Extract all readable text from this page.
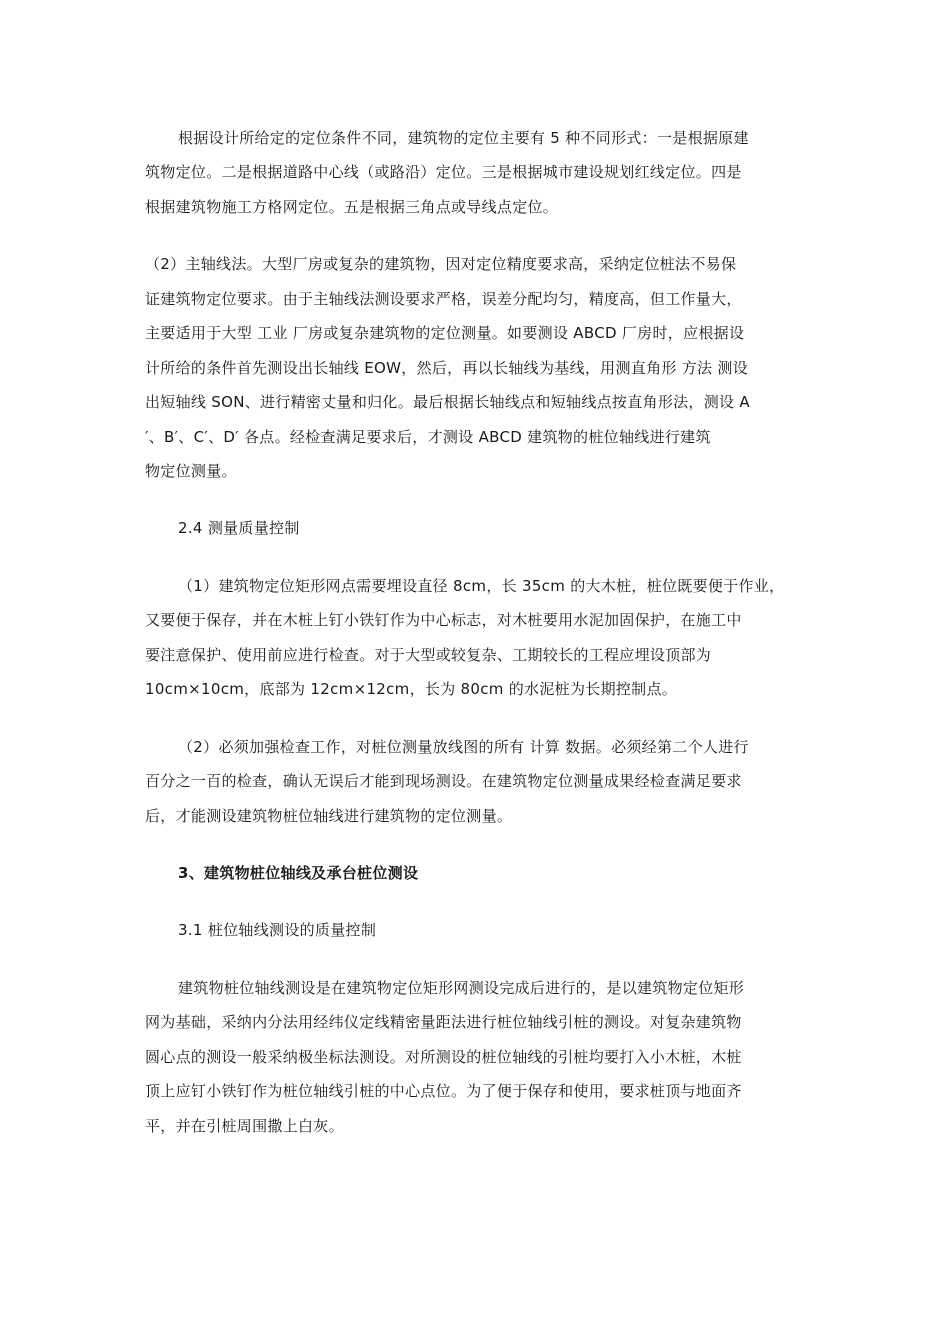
根据设计所给定的定位条件不同，建筑物的定位主要有 5 种不同形式：一是根据原建
筑物定位。二是根据道路中心线（或路沿）定位。三是根据城市建设规划红线定位。四是
根据建筑物施工方格网定位。五是根据三角点或导线点定位。
（2）主轴线法。大型厂房或复杂的建筑物，因对定位精度要求高，采纳定位桩法不易保
证建筑物定位要求。由于主轴线法测设要求严格，误差分配均匀，精度高，但工作量大，
主要适用于大型 工业 厂房或复杂建筑物的定位测量。如要测设 ABCD 厂房时，应根据设
计所给的条件首先测设出长轴线 EOW，然后，再以长轴线为基线，用测直角形 方法 测设
出短轴线 SON、进行精密丈量和归化。最后根据长轴线点和短轴线点按直角形法，测设 A
′、B′、C′、D′ 各点。经检查满足要求后，才测设 ABCD 建筑物的桩位轴线进行建筑
物定位测量。
2.4 测量质量控制
（1）建筑物定位矩形网点需要埋设直径 8cm，长 35cm 的大木桩，桩位既要便于作业，
又要便于保存，并在木桩上钉小铁钉作为中心标志，对木桩要用水泥加固保护，在施工中
要注意保护、使用前应进行检查。对于大型或较复杂、工期较长的工程应埋设顶部为
10cm×10cm，底部为 12cm×12cm，长为 80cm 的水泥桩为长期控制点。
（2）必须加强检查工作，对桩位测量放线图的所有 计算 数据。必须经第二个人进行
百分之一百的检查，确认无误后才能到现场测设。在建筑物定位测量成果经检查满足要求
后，才能测设建筑物桩位轴线进行建筑物的定位测量。
3、建筑物桩位轴线及承台桩位测设
3.1 桩位轴线测设的质量控制
建筑物桩位轴线测设是在建筑物定位矩形网测设完成后进行的，是以建筑物定位矩形
网为基础，采纳内分法用经纬仪定线精密量距法进行桩位轴线引桩的测设。对复杂建筑物
圆心点的测设一般采纳极坐标法测设。对所测设的桩位轴线的引桩均要打入小木桩，木桩
顶上应钉小铁钉作为桩位轴线引桩的中心点位。为了便于保存和使用，要求桩顶与地面齐
平，并在引桩周围撒上白灰。
